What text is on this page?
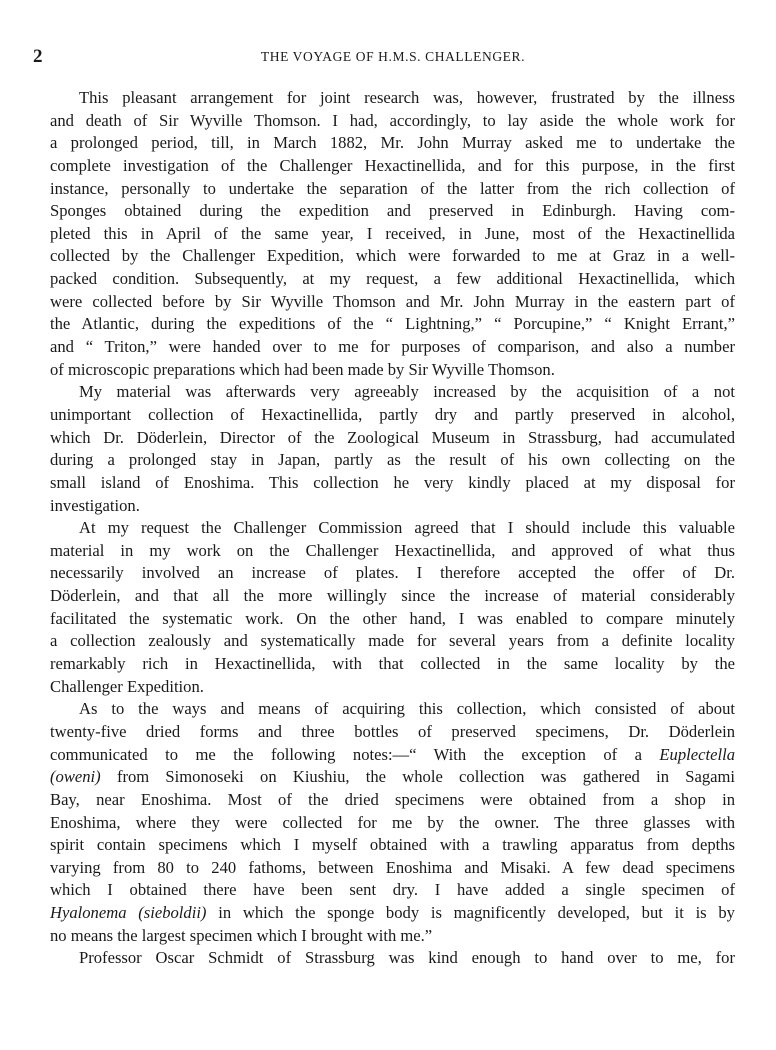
2	THE VOYAGE OF H.M.S. CHALLENGER.
This pleasant arrangement for joint research was, however, frustrated by the illness
and death of Sir Wyville Thomson. I had, accordingly, to lay aside the whole work for
a prolonged period, till, in March 1882, Mr. John Murray asked me to undertake the
complete investigation of the Challenger Hexactinellida, and for this purpose, in the first
instance, personally to undertake the separation of the latter from the rich collection of
Sponges obtained during the expedition and preserved in Edinburgh. Having com-
pleted this in April of the same year, I received, in June, most of the Hexactinellida
collected by the Challenger Expedition, which were forwarded to me at Graz in a well-
packed condition. Subsequently, at my request, a few additional Hexactinellida, which
were collected before by Sir Wyville Thomson and Mr. John Murray in the eastern part of
the Atlantic, during the expeditions of the “ Lightning,” “ Porcupine,” “ Knight Errant,”
and “ Triton,” were handed over to me for purposes of comparison, and also a number
of microscopic preparations which had been made by Sir Wyville Thomson.
My material was afterwards very agreeably increased by the acquisition of a not
unimportant collection of Hexactinellida, partly dry and partly preserved in alcohol,
which Dr. Döderlein, Director of the Zoological Museum in Strassburg, had accumulated
during a prolonged stay in Japan, partly as the result of his own collecting on the
small island of Enoshima. This collection he very kindly placed at my disposal for
investigation.
At my request the Challenger Commission agreed that I should include this valuable
material in my work on the Challenger Hexactinellida, and approved of what thus
necessarily involved an increase of plates. I therefore accepted the offer of Dr.
Döderlein, and that all the more willingly since the increase of material considerably
facilitated the systematic work. On the other hand, I was enabled to compare minutely
a collection zealously and systematically made for several years from a definite locality
remarkably rich in Hexactinellida, with that collected in the same locality by the
Challenger Expedition.
As to the ways and means of acquiring this collection, which consisted of about
twenty-five dried forms and three bottles of preserved specimens, Dr. Döderlein
communicated to me the following notes:—“ With the exception of a Euplectella
(oweni) from Simonoseki on Kiushiu, the whole collection was gathered in Sagami
Bay, near Enoshima. Most of the dried specimens were obtained from a shop in
Enoshima, where they were collected for me by the owner. The three glasses with
spirit contain specimens which I myself obtained with a trawling apparatus from depths
varying from 80 to 240 fathoms, between Enoshima and Misaki. A few dead specimens
which I obtained there have been sent dry. I have added a single specimen of
Hyalonema (sieboldii) in which the sponge body is magnificently developed, but it is by
no means the largest specimen which I brought with me.”
Professor Oscar Schmidt of Strassburg was kind enough to hand over to me, for
